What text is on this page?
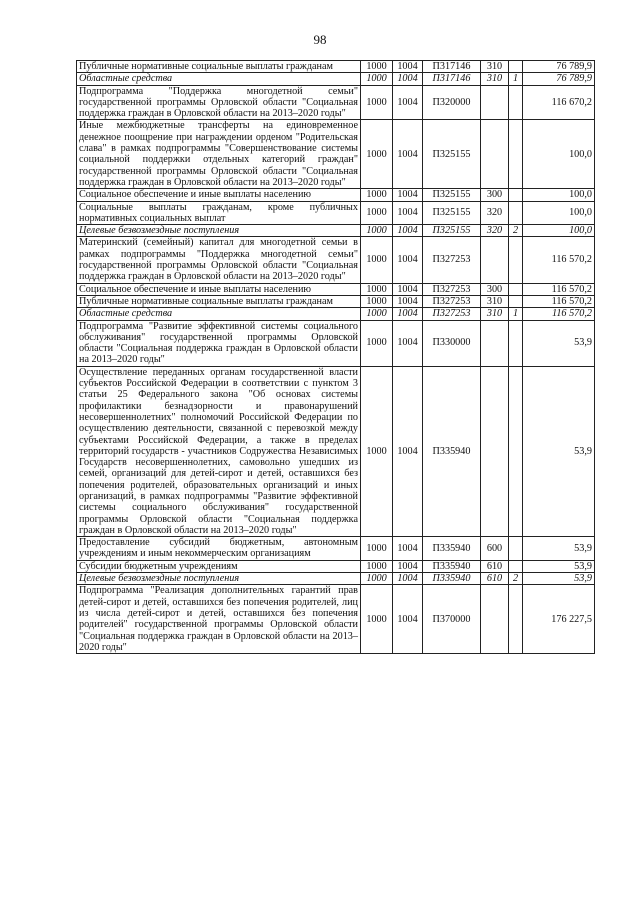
98
Публичные нормативные социальные выплаты гражданам	1000	1004	П317146	310		76 789,9
Областные средства	1000	1004	П317146	310	1	76 789,9
Подпрограмма "Поддержка многодетной семьи" государственной программы Орловской области "Социальная поддержка граждан в Орловской области на 2013–2020 годы"	1000	1004	П320000			116 670,2
Иные межбюджетные трансферты на единовременное денежное поощрение при награждении орденом "Родительская слава" в рамках подпрограммы "Совершенствование системы социальной поддержки отдельных категорий граждан" государственной программы Орловской области "Социальная поддержка граждан в Орловской области на 2013–2020 годы"	1000	1004	П325155			100,0
Социальное обеспечение и иные выплаты населению	1000	1004	П325155	300		100,0
Социальные выплаты гражданам, кроме публичных нормативных социальных выплат	1000	1004	П325155	320		100,0
Целевые безвозмездные поступления	1000	1004	П325155	320	2	100,0
Материнский (семейный) капитал для многодетной семьи в рамках подпрограммы "Поддержка многодетной семьи" государственной программы Орловской области "Социальная поддержка граждан в Орловской области на 2013–2020 годы"	1000	1004	П327253			116 570,2
Социальное обеспечение и иные выплаты населению	1000	1004	П327253	300		116 570,2
Публичные нормативные социальные выплаты гражданам	1000	1004	П327253	310		116 570,2
Областные средства	1000	1004	П327253	310	1	116 570,2
Подпрограмма "Развитие эффективной системы социального обслуживания" государственной программы Орловской области "Социальная поддержка граждан в Орловской области на 2013–2020 годы"	1000	1004	П330000			53,9
Осуществление переданных органам государственной власти субъектов Российской Федерации в соответствии с пунктом 3 статьи 25 Федерального закона "Об основах системы профилактики безнадзорности и правонарушений несовершеннолетних" полномочий Российской Федерации по осуществлению деятельности, связанной с перевозкой между субъектами Российской Федерации, а также в пределах территорий государств - участников Содружества Независимых Государств несовершеннолетних, самовольно ушедших из семей, организаций для детей-сирот и детей, оставшихся без попечения родителей, образовательных организаций и иных организаций, в рамках подпрограммы "Развитие эффективной системы социального обслуживания" государственной программы Орловской области "Социальная поддержка граждан в Орловской области на 2013–2020 годы"	1000	1004	П335940			53,9
Предоставление субсидий бюджетным, автономным учреждениям и иным некоммерческим организациям	1000	1004	П335940	600		53,9
Субсидии бюджетным учреждениям	1000	1004	П335940	610		53,9
Целевые безвозмездные поступления	1000	1004	П335940	610	2	53,9
Подпрограмма "Реализация дополнительных гарантий прав детей-сирот и детей, оставшихся без попечения родителей, лиц из числа детей-сирот и детей, оставшихся без попечения родителей" государственной программы Орловской области "Социальная поддержка граждан в Орловской области на 2013–2020 годы"	1000	1004	П370000			176 227,5
